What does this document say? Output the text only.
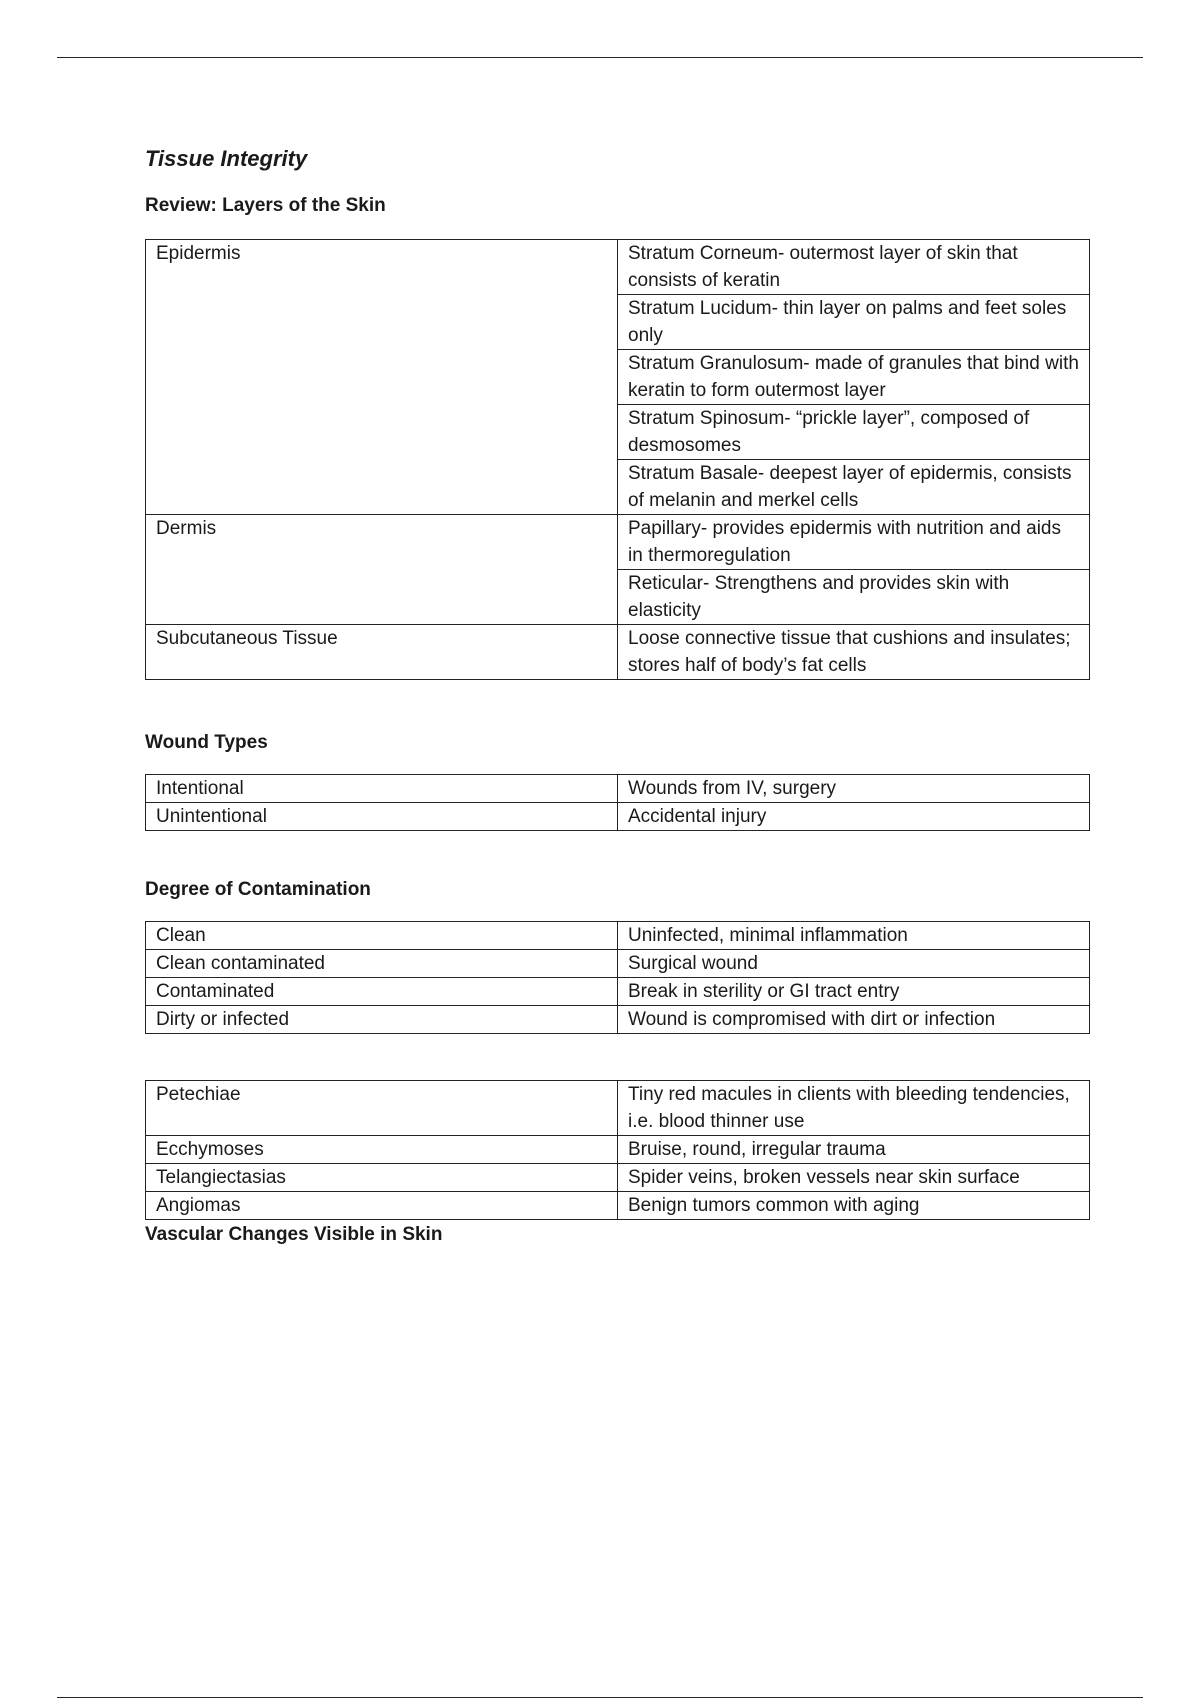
Tissue Integrity
Review: Layers of the Skin
Epidermis	Stratum Corneum- outermost layer of skin that consists of keratin
	Stratum Lucidum- thin layer on palms and feet soles only
	Stratum Granulosum- made of granules that bind with keratin to form outermost layer
	Stratum Spinosum- “prickle layer”, composed of desmosomes
	Stratum Basale- deepest layer of epidermis, consists of melanin and merkel cells
Dermis	Papillary- provides epidermis with nutrition and aids in thermoregulation
	Reticular- Strengthens and provides skin with elasticity
Subcutaneous Tissue	Loose connective tissue that cushions and insulates; stores half of body’s fat cells
Wound Types
Intentional	Wounds from IV, surgery
Unintentional	Accidental injury
Degree of Contamination
Clean	Uninfected, minimal inflammation
Clean contaminated	Surgical wound
Contaminated	Break in sterility or GI tract entry
Dirty or infected	Wound is compromised with dirt or infection
Petechiae	Tiny red macules in clients with bleeding tendencies, i.e. blood thinner use
Ecchymoses	Bruise, round, irregular trauma
Telangiectasias	Spider veins, broken vessels near skin surface
Angiomas	Benign tumors common with aging
Vascular Changes Visible in Skin
